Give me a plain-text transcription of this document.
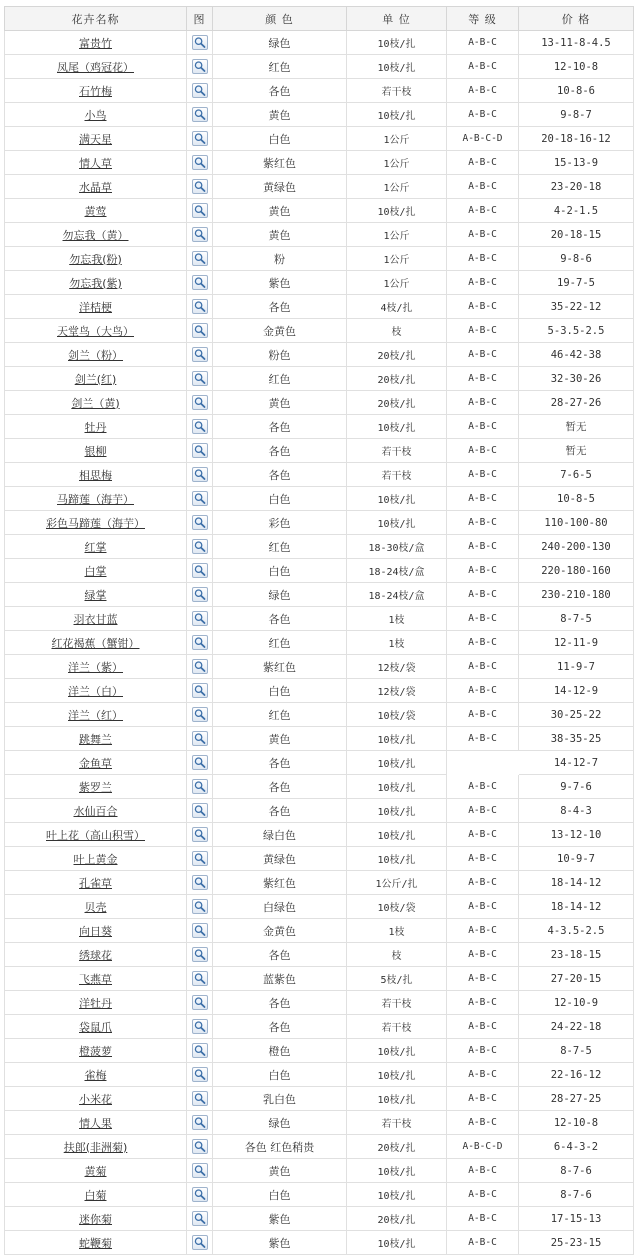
花卉名称	图	颜 色	单 位	等 级	价 格
富贵竹		绿色	10枝/扎	A-B-C	13-11-8-4.5
凤尾（鸡冠花）		红色	10枝/扎	A-B-C	12-10-8
石竹梅		各色	若干枝	A-B-C	10-8-6
小鸟		黄色	10枝/扎	A-B-C	9-8-7
满天星		白色	1公斤	A-B-C-D	20-18-16-12
情人草		紫红色	1公斤	A-B-C	15-13-9
水晶草		黄绿色	1公斤	A-B-C	23-20-18
黄莺		黄色	10枝/扎	A-B-C	4-2-1.5
勿忘我（黄）		黄色	1公斤	A-B-C	20-18-15
勿忘我(粉)		粉	1公斤	A-B-C	9-8-6
勿忘我(紫)		紫色	1公斤	A-B-C	19-7-5
洋桔梗		各色	4枝/扎	A-B-C	35-22-12
天堂鸟（大鸟）		金黄色	枝	A-B-C	5-3.5-2.5
剑兰（粉）		粉色	20枝/扎	A-B-C	46-42-38
剑兰(红)		红色	20枝/扎	A-B-C	32-30-26
剑兰（黄)		黄色	20枝/扎	A-B-C	28-27-26
牡丹		各色	10枝/扎	A-B-C	暂无
银柳		各色	若干枝	A-B-C	暂无
相思梅		各色	若干枝	A-B-C	7-6-5
马蹄莲（海芋）		白色	10枝/扎	A-B-C	10-8-5
彩色马蹄莲（海芋）		彩色	10枝/扎	A-B-C	110-100-80
红掌		红色	18-30枝/盒	A-B-C	240-200-130
白掌		白色	18-24枝/盒	A-B-C	220-180-160
绿掌		绿色	18-24枝/盒	A-B-C	230-210-180
羽衣甘蓝		各色	1枝	A-B-C	8-7-5
红花褐蕉（蟹钳）		红色	1枝	A-B-C	12-11-9
洋兰（紫）		紫红色	12枝/袋	A-B-C	11-9-7
洋兰（白）		白色	12枝/袋	A-B-C	14-12-9
洋兰（红）		红色	10枝/袋	A-B-C	30-25-22
跳舞兰		黄色	10枝/扎	A-B-C	38-35-25
金鱼草		各色	10枝/扎		14-12-7
紫罗兰		各色	10枝/扎	A-B-C	9-7-6
水仙百合		各色	10枝/扎	A-B-C	8-4-3
叶上花（高山积雪）		绿白色	10枝/扎	A-B-C	13-12-10
叶上黄金		黄绿色	10枝/扎	A-B-C	10-9-7
孔雀草		紫红色	1公斤/扎	A-B-C	18-14-12
贝壳		白绿色	10枝/袋	A-B-C	18-14-12
向日葵		金黄色	1枝	A-B-C	4-3.5-2.5
绣球花		各色	枝	A-B-C	23-18-15
飞燕草		蓝紫色	5枝/扎	A-B-C	27-20-15
洋牡丹		各色	若干枝	A-B-C	12-10-9
袋鼠爪		各色	若干枝	A-B-C	24-22-18
橙菠萝		橙色	10枝/扎	A-B-C	8-7-5
雀梅		白色	10枝/扎	A-B-C	22-16-12
小米花		乳白色	10枝/扎	A-B-C	28-27-25
情人果		绿色	若干枝	A-B-C	12-10-8
扶郎(非洲菊)		各色 红色稍贵	20枝/扎	A-B-C-D	6-4-3-2
黄菊		黄色	10枝/扎	A-B-C	8-7-6
白菊		白色	10枝/扎	A-B-C	8-7-6
迷你菊		紫色	20枝/扎	A-B-C	17-15-13
蛇鞭菊		紫色	10枝/扎	A-B-C	25-23-15
